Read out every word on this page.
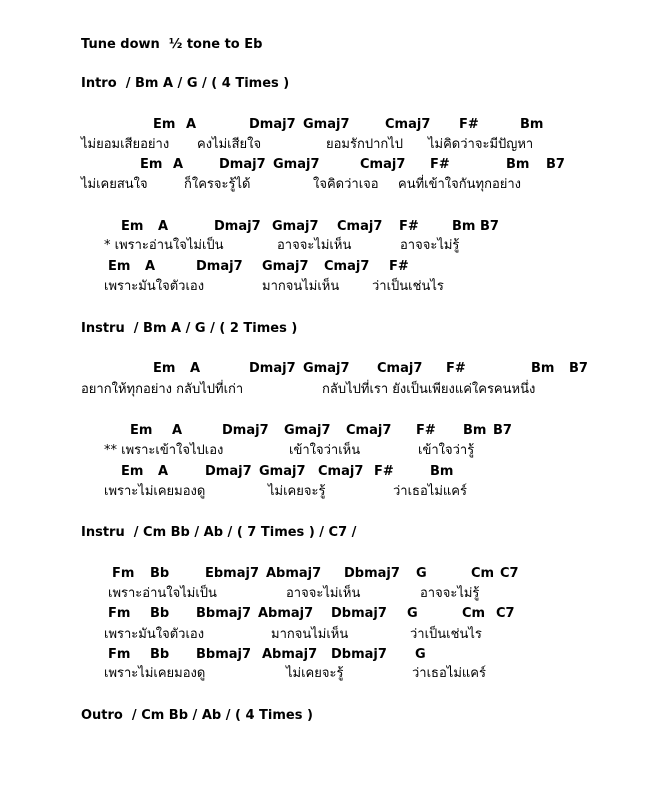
Tune down  ½ tone to Eb

Intro  / Bm A / G / ( 4 Times )

Em

A

	Dmaj7

Gmaj7

	Cmaj7

F#

	Bm

ไม่ยอมเสียอย่าง

คงไม่เสียใจ

	ยอมรักปากไป

ไม่คิดว่าจะมีปัญหา

Em

A

	Dmaj7

Gmaj7

	Cmaj7

F#

	Bm

B7

ไม่เคยสนใจ

	ก็ใครจะรู้ได้

	ใจคิดว่าเจอ

คนที่เข้าใจกันทุกอย่าง

Em

A

	Dmaj7

Gmaj7

Cmaj7

F#

	Bm

B7

* เพราะอ่านใจไม่เป็น

	อาจจะไม่เห็น

	อาจจะไม่รู้

Em

A

	Dmaj7

Gmaj7

Cmaj7

F#

เพราะมันใจตัวเอง

	มากจนไม่เห็น

	ว่าเป็นเช่นไร

Instru  / Bm A / G / ( 2 Times )

Em

A

	Dmaj7

Gmaj7

Cmaj7

F#

	Bm

B7

อยากให้ทุกอย่าง กลับไปที่เก่า

	กลับไปที่เรา ยังเป็นเพียงแค่ใครคนหนึ่ง

Em

A

	Dmaj7

Gmaj7

Cmaj7

F#

Bm

B7

** เพราะเข้าใจไปเอง

	เข้าใจว่าเห็น

	เข้าใจว่ารู้

Em

A

	Dmaj7

Gmaj7

Cmaj7

F#

	Bm

เพราะไม่เคยมองดู

	ไม่เคยจะรู้

	ว่าเธอไม่แคร์

Instru  / Cm Bb / Ab / ( 7 Times ) / C7 /

Fm

Bb

	Ebmaj7

Abmaj7

Dbmaj7

G

	Cm

C7

เพราะอ่านใจไม่เป็น

	อาจจะไม่เห็น

	อาจจะไม่รู้

Fm

Bb

Bbmaj7

Abmaj7

Dbmaj7

G

	Cm

C7

เพราะมันใจตัวเอง

	มากจนไม่เห็น

	ว่าเป็นเช่นไร

Fm

Bb

Bbmaj7

Abmaj7

Dbmaj7

G

เพราะไม่เคยมองดู

	ไม่เคยจะรู้

	ว่าเธอไม่แคร์

Outro  / Cm Bb / Ab / ( 4 Times )
